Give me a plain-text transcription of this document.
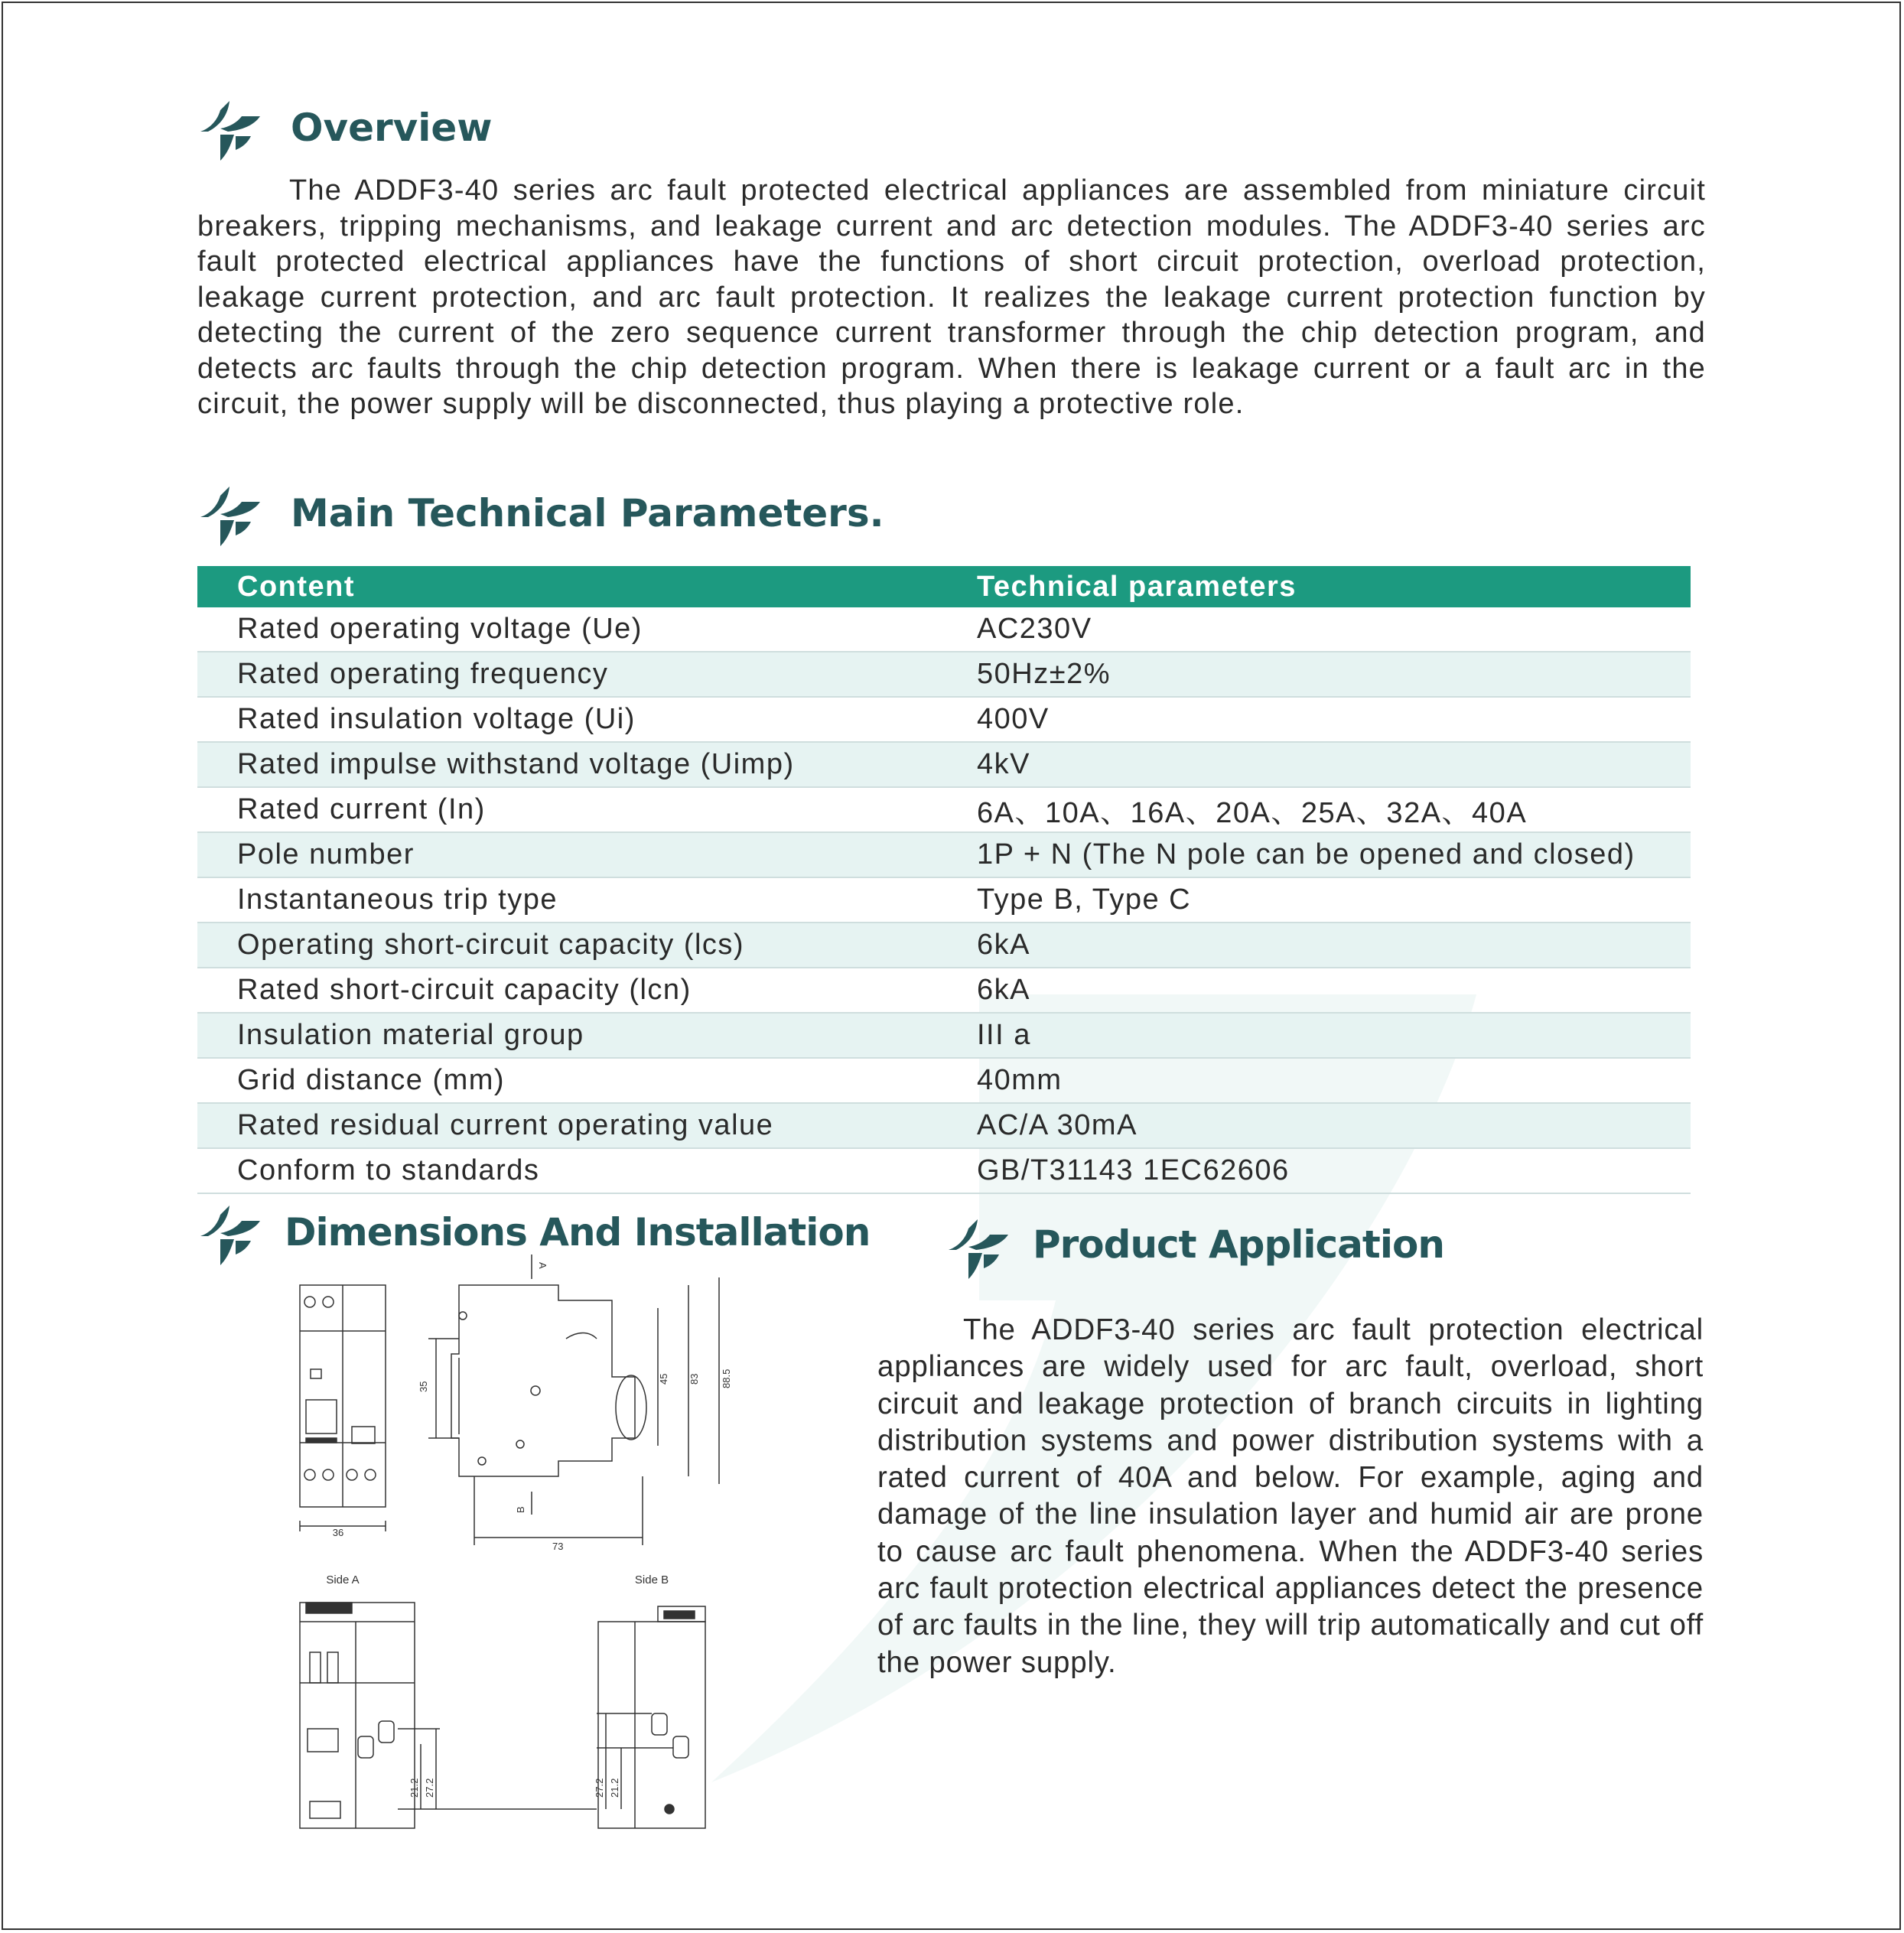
Overview

The ADDF3-40 series arc fault protected electrical appliances are assembled from miniature circuit breakers, tripping mechanisms, and leakage current and arc detection modules. The ADDF3-40 series arc fault protected electrical appliances have the functions of short circuit protection, overload protection, leakage current protection, and arc fault protection. It realizes the leakage current protection function by detecting the current of the zero sequence current transformer through the chip detection program, and detects arc faults through the chip detection program. When there is leakage current or a fault arc in the circuit, the power supply will be disconnected, thus playing a protective role.

Main Technical Parameters.
Content	Technical parameters
Rated operating voltage (Ue)	AC230V
Rated operating frequency	50Hz±2%
Rated insulation voltage (Ui)	400V
Rated impulse withstand voltage (Uimp)	4kV
Rated current (In)	6A、10A、16A、20A、25A、32A、40A
Pole number	1P + N (The N pole can be opened and closed)
Instantaneous trip type	Type B, Type C
Operating short-circuit capacity (lcs)	6kA
Rated short-circuit capacity (lcn)	6kA
Insulation material group	III a
Grid distance (mm)	40mm
Rated residual current operating value	AC/A 30mA
Conform to standards	GB/T31143 1EC62606
Dimensions And Installation
36
35
45 83 88.5
73
B
A
Side A
21.2 27.2
Side B
27.2 21.2
Product Application

The ADDF3-40 series arc fault protection electrical appliances are widely used for arc fault, overload, short circuit and leakage protection of branch circuits in lighting distribution systems and power distribution systems with a rated current of 40A and below. For example, aging and damage of the line insulation layer and humid air are prone to cause arc fault phenomena. When the ADDF3-40 series arc fault protection electrical appliances detect the presence of arc faults in the line, they will trip automatically and cut off the power supply.
